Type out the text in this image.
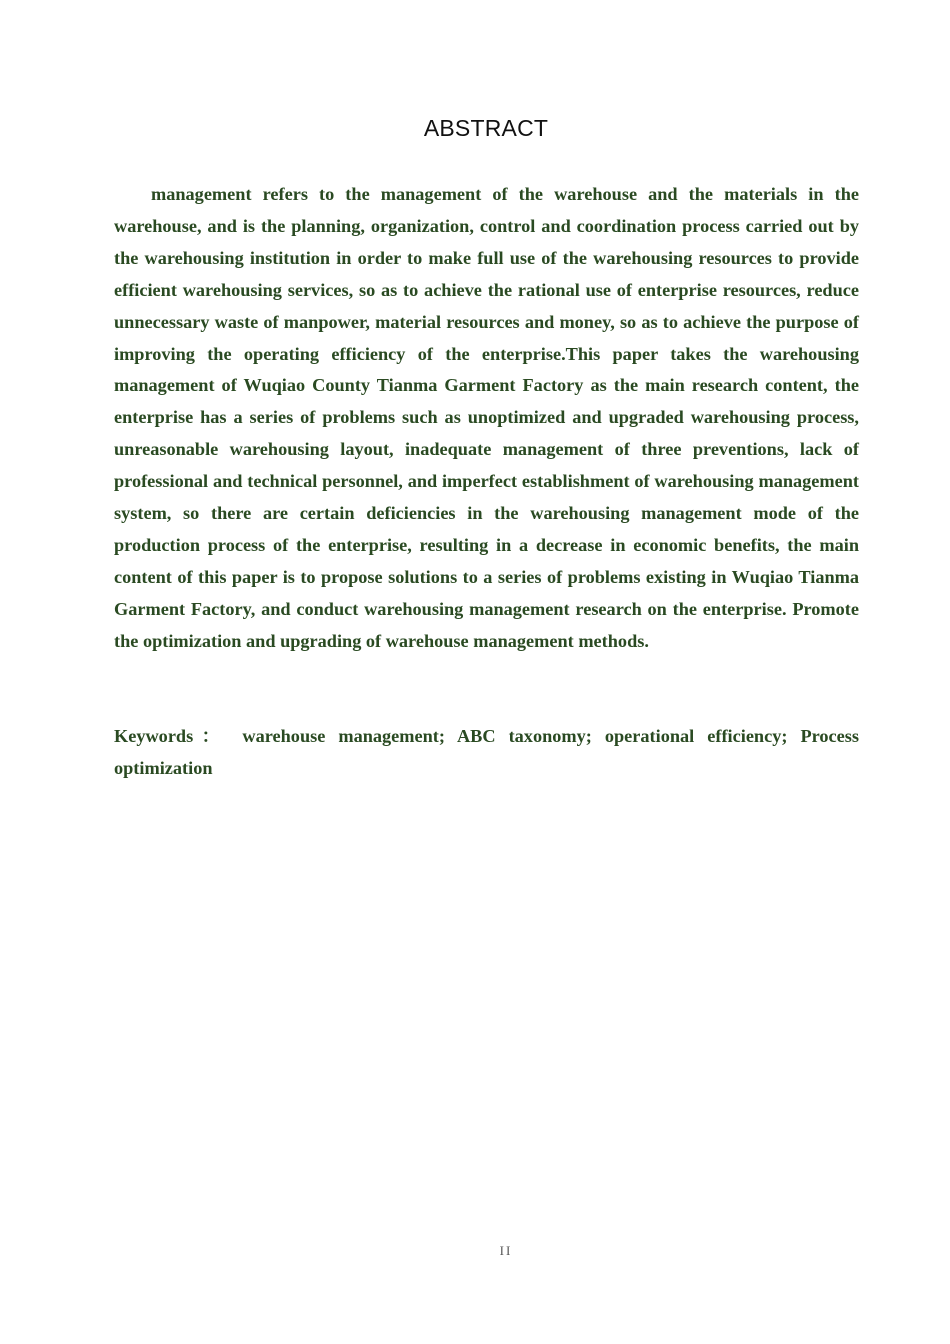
ABSTRACT

management refers to the management of the warehouse and the materials in the warehouse, and is the planning, organization, control and coordination process carried out by the warehousing institution in order to make full use of the warehousing resources to provide efficient warehousing services, so as to achieve the rational use of enterprise resources, reduce unnecessary waste of manpower, material resources and money, so as to achieve the purpose of improving the operating efficiency of the enterprise.This paper takes the warehousing management of Wuqiao County Tianma Garment Factory as the main research content, the enterprise has a series of problems such as unoptimized and upgraded warehousing process, unreasonable warehousing layout, inadequate management of three preventions, lack of professional and technical personnel, and imperfect establishment of warehousing management system, so there are certain deficiencies in the warehousing management mode of the production process of the enterprise, resulting in a decrease in economic benefits, the main content of this paper is to propose solutions to a series of problems existing in Wuqiao Tianma Garment Factory, and conduct warehousing management research on the enterprise. Promote the optimization and upgrading of warehouse management methods.

Keywords： warehouse management; ABC taxonomy; operational efficiency; Process optimization

II
